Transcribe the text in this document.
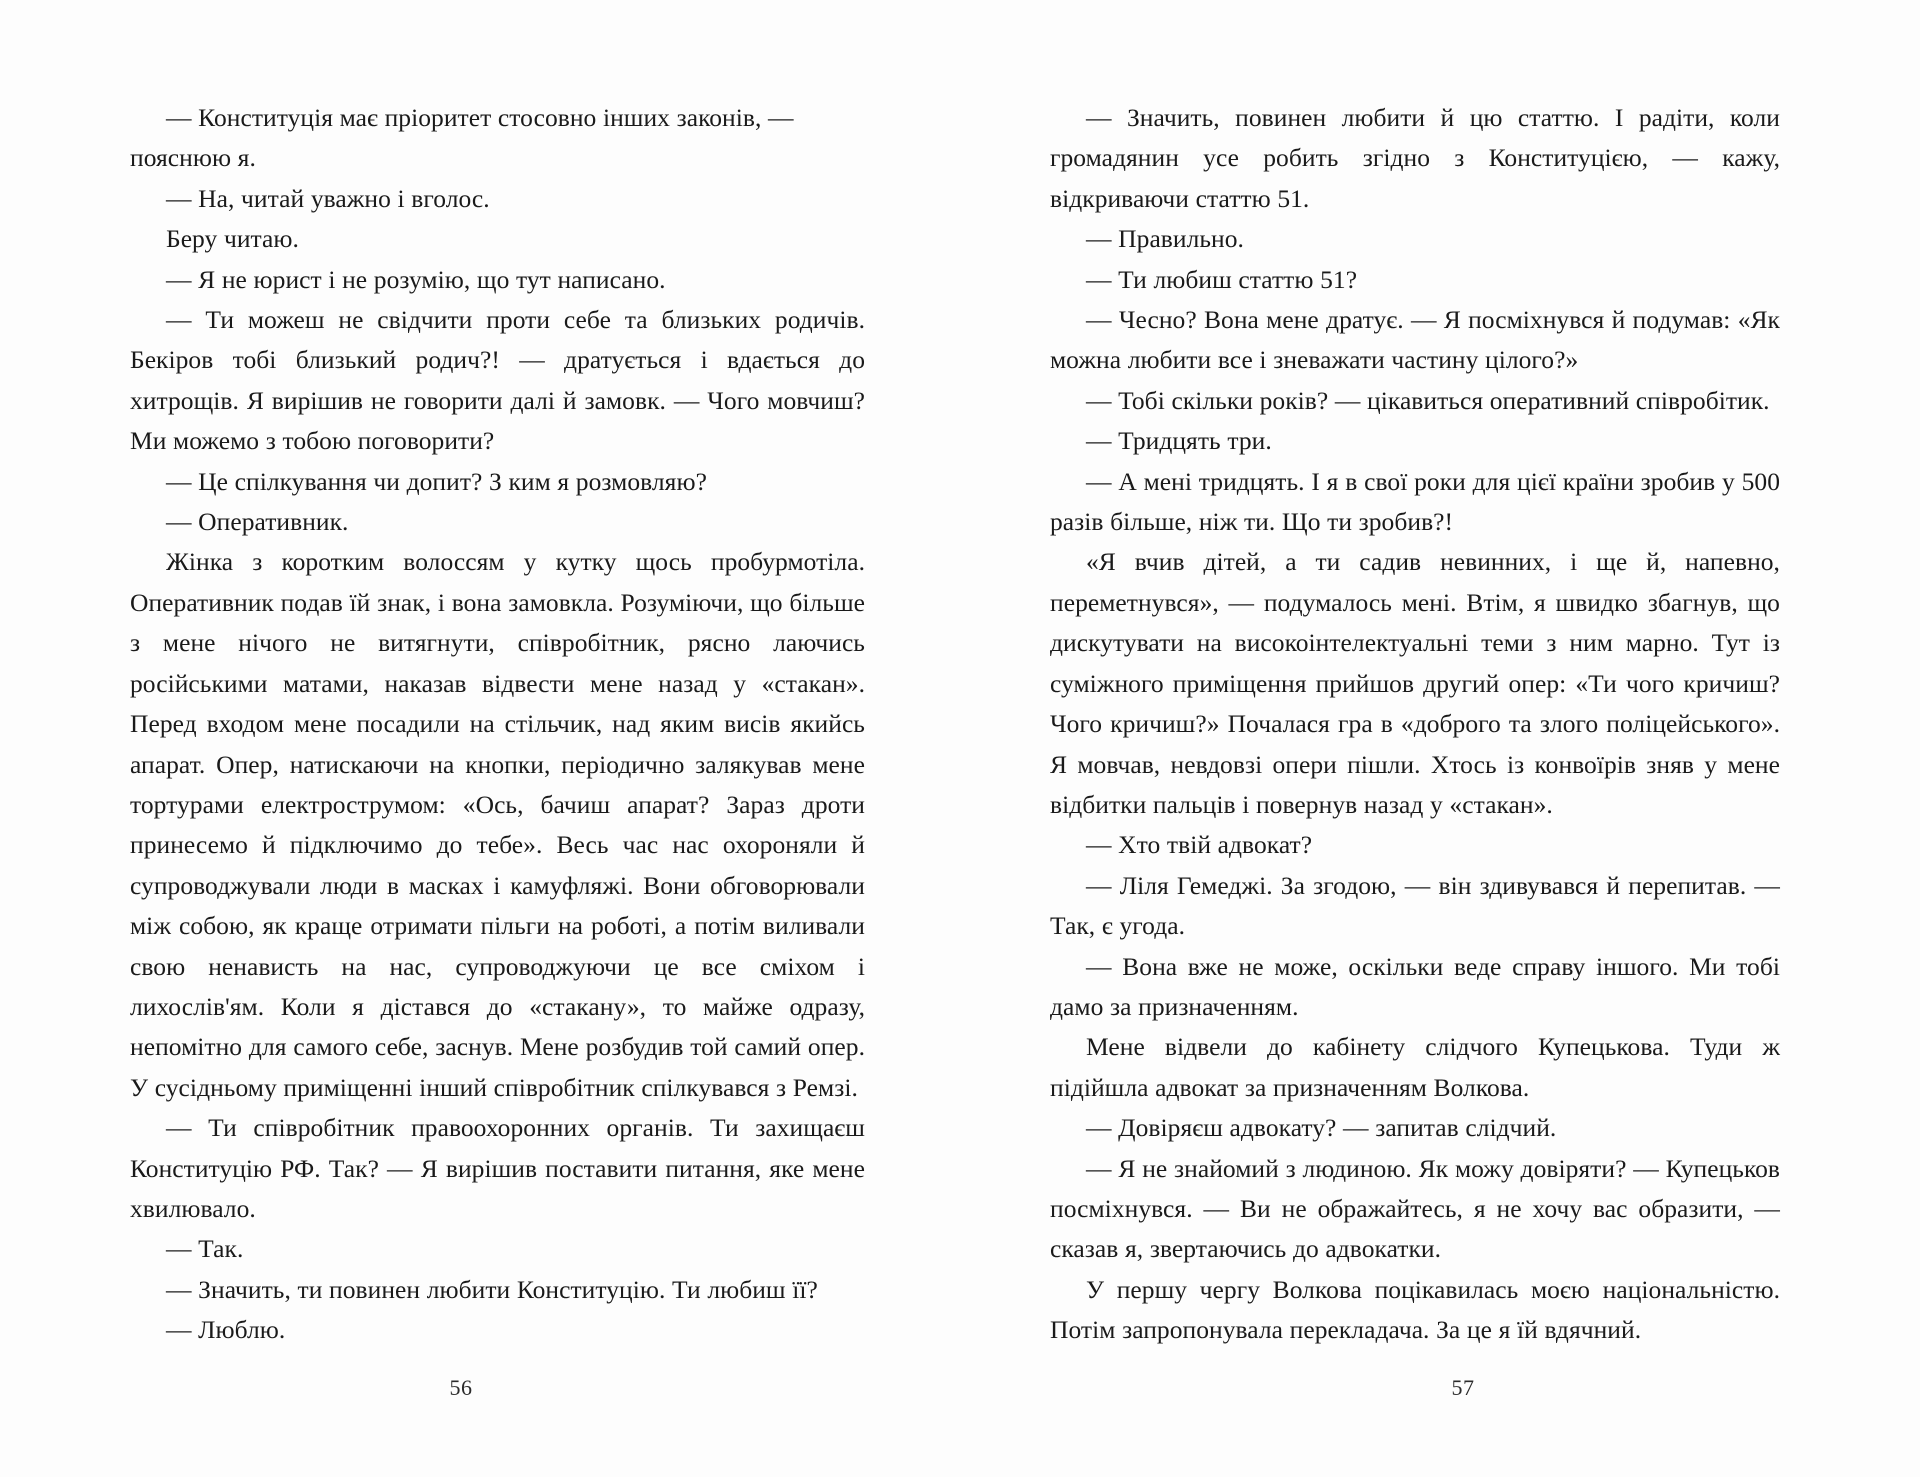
— Конституція має пріоритет стосовно інших законів, — пояснюю я.

— На, читай уважно і вголос.

Беру читаю.

— Я не юрист і не розумію, що тут написано.

— Ти можеш не свідчити проти себе та близьких родичів. Бекіров тобі близький родич?! — дратується і вдається до хитрощів. Я вирішив не говорити далі й замовк. — Чого мовчиш? Ми можемо з тобою поговорити?

— Це спілкування чи допит? З ким я розмовляю?

— Оперативник.

Жінка з коротким волоссям у кутку щось пробурмотіла. Оперативник подав їй знак, і вона замовкла. Розуміючи, що більше з мене нічого не витягнути, співробітник, рясно лаючись російськими матами, наказав відвести мене назад у «стакан». Перед входом мене посадили на стільчик, над яким висів якийсь апарат. Опер, натискаючи на кнопки, періодично залякував мене тортурами електрострумом: «Ось, бачиш апарат? Зараз дроти принесемо й підключимо до тебе». Весь час нас охороняли й супроводжували люди в масках і камуфляжі. Вони обговорювали між собою, як краще отримати пільги на роботі, а потім виливали свою ненависть на нас, супроводжуючи це все сміхом і лихослів'ям. Коли я дістався до «стакану», то майже одразу, непомітно для самого себе, заснув. Мене розбудив той самий опер. У сусідньому приміщенні інший співробітник спілкувався з Ремзі.

— Ти співробітник правоохоронних органів. Ти захищаєш Конституцію РФ. Так? — Я вирішив поставити питання, яке мене хвилювало.

— Так.

— Значить, ти повинен любити Конституцію. Ти любиш її?

— Люблю.

56

— Значить, повинен любити й цю статтю. І радіти, коли громадянин усе робить згідно з Конституцією, — кажу, відкриваючи статтю 51.

— Правильно.

— Ти любиш статтю 51?

— Чесно? Вона мене дратує. — Я посміхнувся й подумав: «Як можна любити все і зневажати частину цілого?»

— Тобі скільки років? — цікавиться оперативний співробітик.

— Тридцять три.

— А мені тридцять. І я в свої роки для цієї країни зробив у 500 разів більше, ніж ти. Що ти зробив?!

«Я вчив дітей, а ти садив невинних, і ще й, напевно, переметнувся», — подумалось мені. Втім, я швидко збагнув, що дискутувати на високоінтелектуальні теми з ним марно. Тут із суміжного приміщення прийшов другий опер: «Ти чого кричиш? Чого кричиш?» Почалася гра в «доброго та злого поліцейського». Я мовчав, невдовзі опери пішли. Хтось із конвоїрів зняв у мене відбитки пальців і повернув назад у «стакан».

— Хто твій адвокат?

— Ліля Гемеджі. За згодою, — він здивувався й перепитав. — Так, є угода.

— Вона вже не може, оскільки веде справу іншого. Ми тобі дамо за призначенням.

Мене відвели до кабінету слідчого Купецькова. Туди ж підійшла адвокат за призначенням Волкова.

— Довіряєш адвокату? — запитав слідчий.

— Я не знайомий з людиною. Як можу довіряти? — Купецьков посміхнувся. — Ви не ображайтесь, я не хочу вас образити, — сказав я, звертаючись до адвокатки.

У першу чергу Волкова поцікавилась моєю національністю. Потім запропонувала перекладача. За це я їй вдячний.

57
